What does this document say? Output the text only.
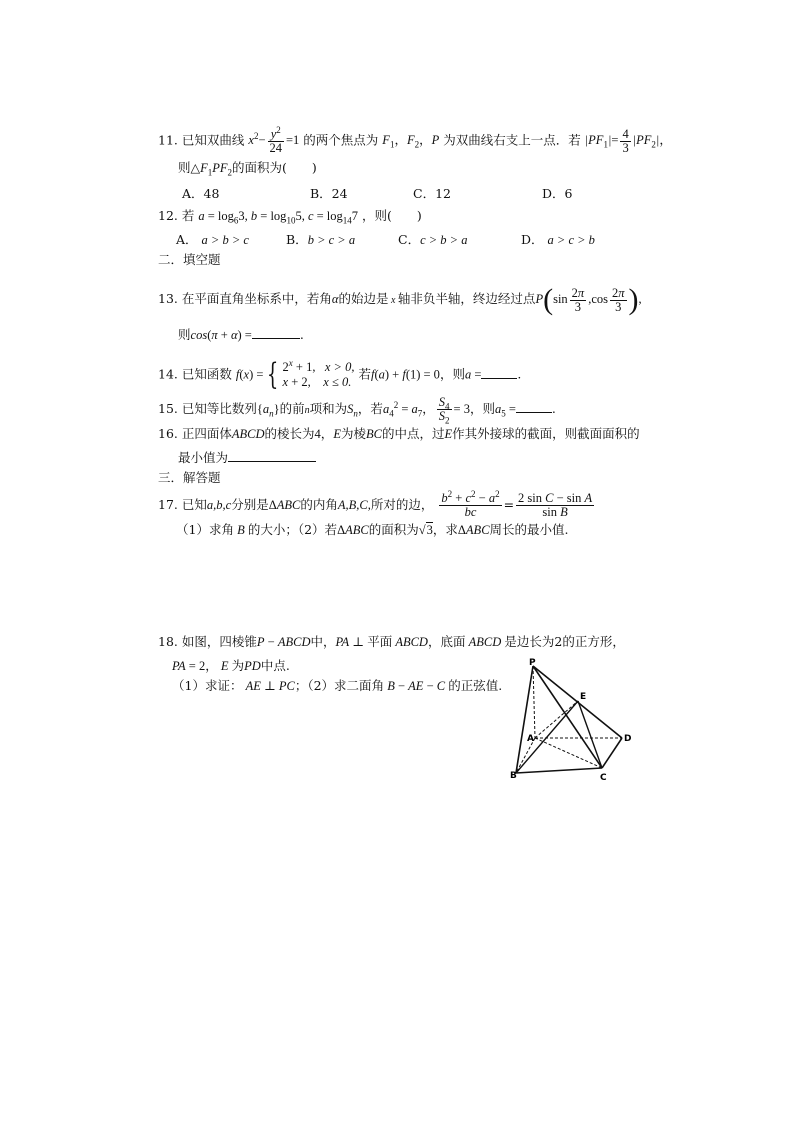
11. 已知双曲线 $x^2- \frac{y^2}{24} =1$ 的两个焦点为 $F_1$，$F_2$，P 为双曲线右支上一点．若 $|PF_1|= \frac{4}{3} |PF_2|$，
则$\triangle F_1PF_2$的面积为(　　)
A．48	B．24	C．12	D．6
12. 若 $a = \log_63$, $b = \log_{10}5$, $c = \log_{14}7$ ，则(　　)
A． a > b > c	B．b > c > a	C．c > b > a	D． a > c > b
二．填空题
13. 在平面直角坐标系中，若角α的始边是 x 轴非负半轴，终边经过点$P(\sin \frac{2\pi}{3} ,\cos \frac{2\pi}{3}$ ),
则cos(π + α) =	.
14. 已知函数 f(x) = { $2^x + 1$,   x > 0,
x + 2,    x ≤ 0.
若f(a) + f(1) = 0，则a =	.
15. 已知等比数列$\{a_n\}$的前n项和为$S_n$，若$a_4^2 = a_7$， $\frac{S_4}{S_2} = 3$，则$a_5$ =	.
16. 正四面体ABCD的棱长为4，E为棱BC的中点，过E作其外接球的截面，则截面面积的
最小值为
三．解答题
17. 已知a,b,c分别是ΔABC的内角A,B,C,所对的边， $\frac{b^2 + c^2 - a^2}{bc} = \frac{\text{2 sin C − sin A}}{\text{sin B}}$
（1）求角 B 的大小；（2）若ΔABC的面积为√3，求ΔABC周长的最小值.
18. 如图，四棱锥P − ABCD中，PA ⊥ 平面 ABCD，底面 ABCD 是边长为2的正方形，
PA = 2， E 为PD中点.
（1）求证： AE ⊥ PC；（2）求二面角 B − AE − C 的正弦值.
P
E
A	D
B	C
